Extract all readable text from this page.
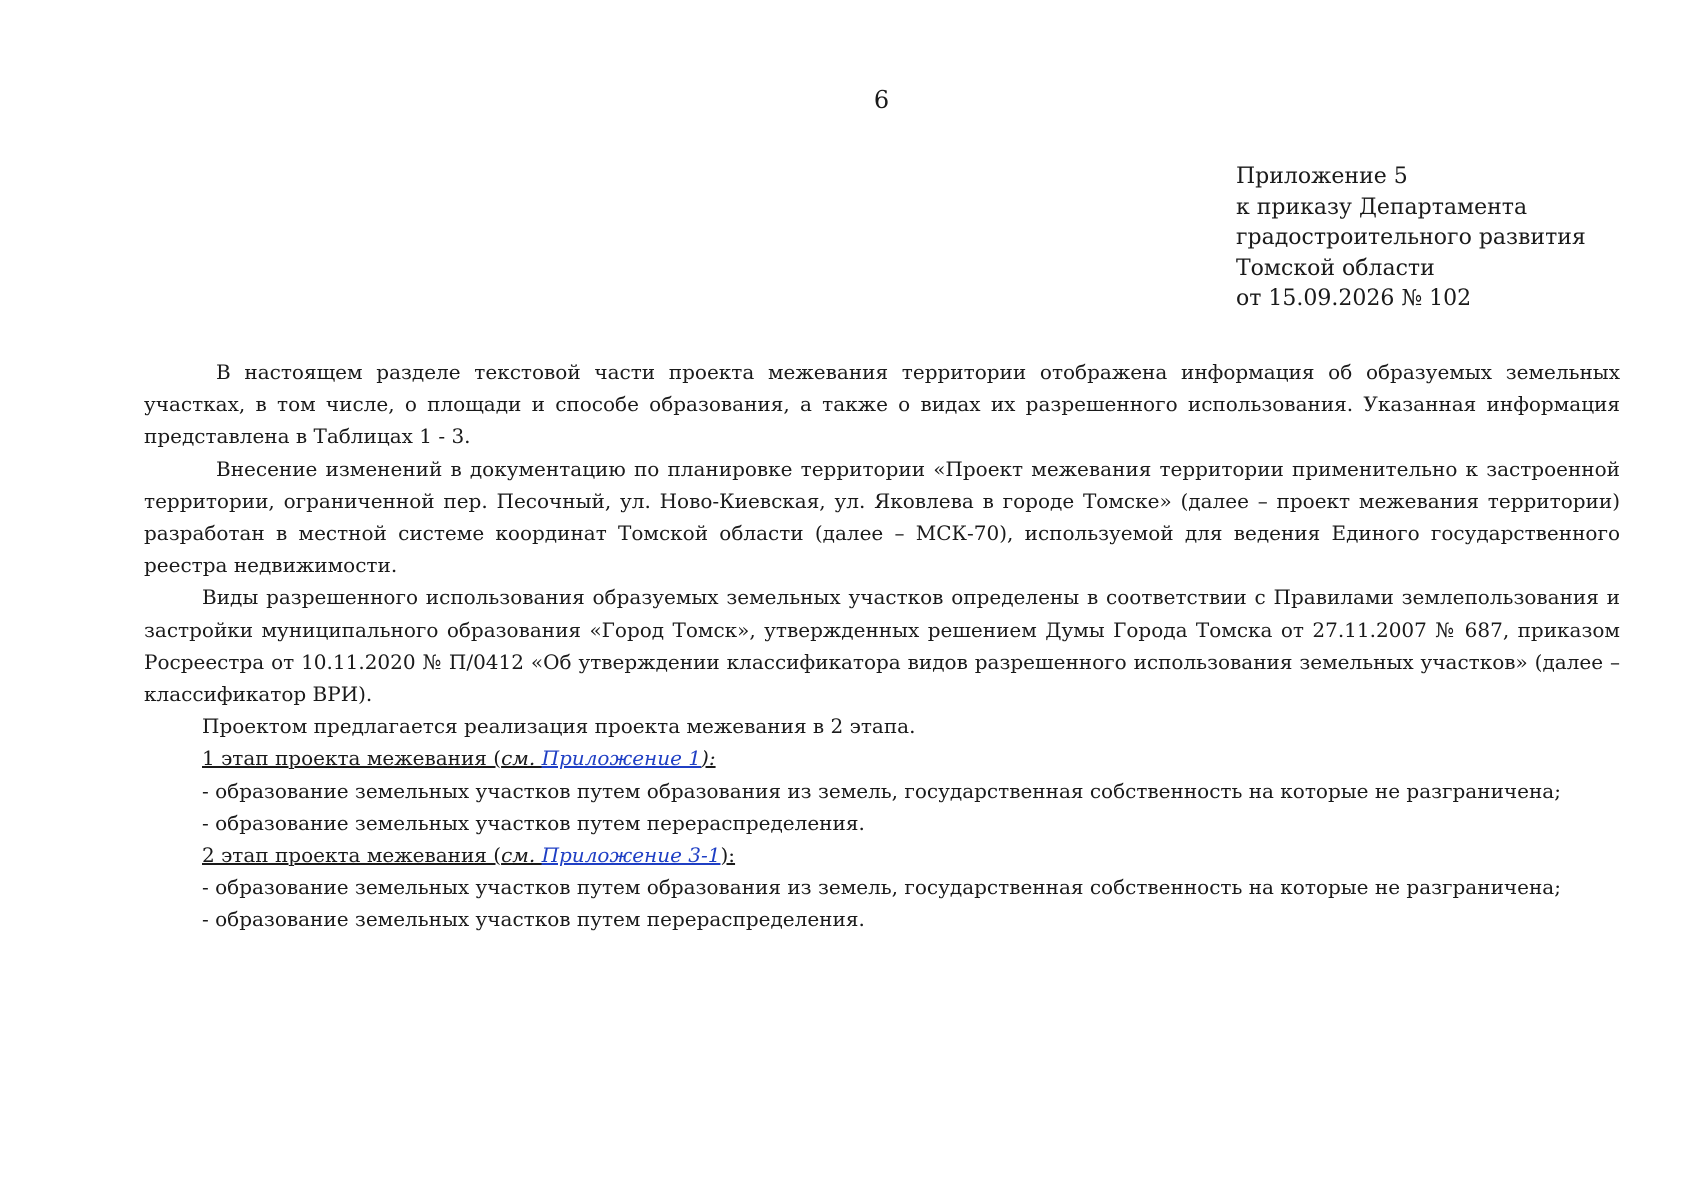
6
Приложение 5
к приказу Департамента
градостроительного развития
Томской области
от 15.09.2026 № 102

В настоящем разделе текстовой части проекта межевания территории отображена информация об образуемых земельных участках, в том числе, о площади и способе образования, а также о видах их разрешенного использования. Указанная информация представлена в Таблицах 1 - 3.

Внесение изменений в документацию по планировке территории «Проект межевания территории применительно к застроенной территории, ограниченной пер. Песочный, ул. Ново-Киевская, ул. Яковлева в городе Томске» (далее – проект межевания территории) разработан в местной системе координат Томской области (далее – МСК-70), используемой для ведения Единого государственного реестра недвижимости.

Виды разрешенного использования образуемых земельных участков определены в соответствии с Правилами землепользования и застройки муниципального образования «Город Томск», утвержденных решением Думы Города Томска от 27.11.2007 № 687, приказом Росреестра от 10.11.2020 № П/0412 «Об утверждении классификатора видов разрешенного использования земельных участков» (далее – классификатор ВРИ).

Проектом предлагается реализация проекта межевания в 2 этапа.

1 этап проекта межевания (см. Приложение 1):

- образование земельных участков путем образования из земель, государственная собственность на которые не разграничена;

- образование земельных участков путем перераспределения.

2 этап проекта межевания (см. Приложение 3-1):

- образование земельных участков путем образования из земель, государственная собственность на которые не разграничена;

- образование земельных участков путем перераспределения.
